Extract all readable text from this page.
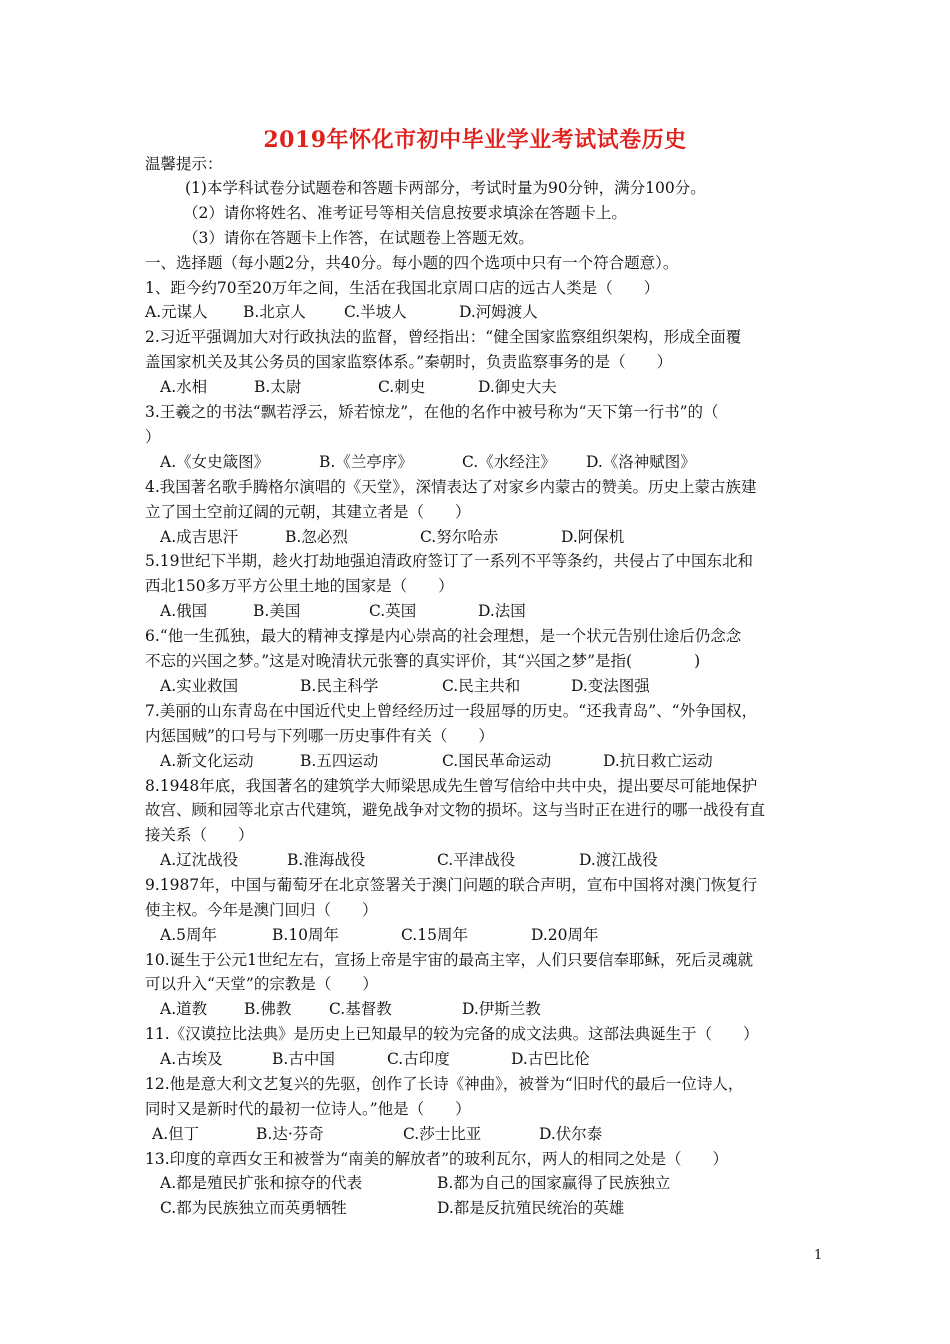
2019年怀化市初中毕业学业考试试卷历史
温馨提示：
(1)本学科试卷分试题卷和答题卡两部分，考试时量为90分钟，满分100分。
（2）请你将姓名、准考证号等相关信息按要求填涂在答题卡上。
（3）请你在答题卡上作答，在试题卷上答题无效。
一、选择题（每小题2分，共40分。每小题的四个选项中只有一个符合题意）。
1、距今约70至20万年之间，生活在我国北京周口店的远古人类是（　　）
A.元谋人 B.北京人 C.半坡人	D.河姆渡人
2.习近平强调加大对行政执法的监督，曾经指出：“健全国家监察组织架构，形成全面覆
盖国家机关及其公务员的国家监察体系。”秦朝时，负责监察事务的是（　　）
A.水相	B.太尉	C.刺史	D.御史大夫
3.王羲之的书法“飘若浮云，矫若惊龙”，在他的名作中被号称为“天下第一行书”的（
）
A.《女史箴图》	B.《兰亭序》	C.《水经注》 D.《洛神赋图》
4.我国著名歌手腾格尔演唱的《天堂》，深情表达了对家乡内蒙古的赞美。历史上蒙古族建
立了国土空前辽阔的元朝，其建立者是（　　）
A.成吉思汗	B.忽必烈	C.努尔哈赤	D.阿保机
5.19世纪下半期，趁火打劫地强迫清政府签订了一系列不平等条约，共侵占了中国东北和
西北150多万平方公里土地的国家是（　　）
A.俄国	B.美国	C.英国	D.法国
6.“他一生孤独，最大的精神支撑是内心崇高的社会理想，是一个状元告别仕途后仍念念
不忘的兴国之梦。”这是对晚清状元张謇的真实评价，其“兴国之梦”是指(　　　　)
A.实业救国	B.民主科学	C.民主共和	D.变法图强
7.美丽的山东青岛在中国近代史上曾经经历过一段屈辱的历史。“还我青岛”、“外争国权，
内惩国贼”的口号与下列哪一历史事件有关（　　）
A.新文化运动	B.五四运动	C.国民革命运动	D.抗日救亡运动
8.1948年底，我国著名的建筑学大师梁思成先生曾写信给中共中央，提出要尽可能地保护
故宫、顾和园等北京古代建筑，避免战争对文物的损坏。这与当时正在进行的哪一战役有直
接关系（　　）
A.辽沈战役	B.淮海战役	C.平津战役	D.渡江战役
9.1987年，中国与葡萄牙在北京签署关于澳门问题的联合声明，宣布中国将对澳门恢复行
使主权。今年是澳门回归（　　）
A.5周年	B.10周年	C.15周年	D.20周年
10.诞生于公元1世纪左右，宣扬上帝是宇宙的最高主宰，人们只要信奉耶稣，死后灵魂就
可以升入“天堂”的宗教是（　　）
A.道教 B.佛教 C.基督教	D.伊斯兰教
11.《汉谟拉比法典》是历史上已知最早的较为完备的成文法典。这部法典诞生于（　　）
A.古埃及	B.古中国	C.古印度	D.古巴比伦
12.他是意大利文艺复兴的先驱，创作了长诗《神曲》，被誉为“旧时代的最后一位诗人，
同时又是新时代的最初一位诗人。”他是（　　）
A.但丁	B.达·芬奇	C.莎士比亚	D.伏尔泰
13.印度的章西女王和被誉为“南美的解放者”的玻利瓦尔，两人的相同之处是（　　）
A.都是殖民扩张和掠夺的代表	B.都为自己的国家赢得了民族独立
C.都为民族独立而英勇牺牲	D.都是反抗殖民统治的英雄
1
